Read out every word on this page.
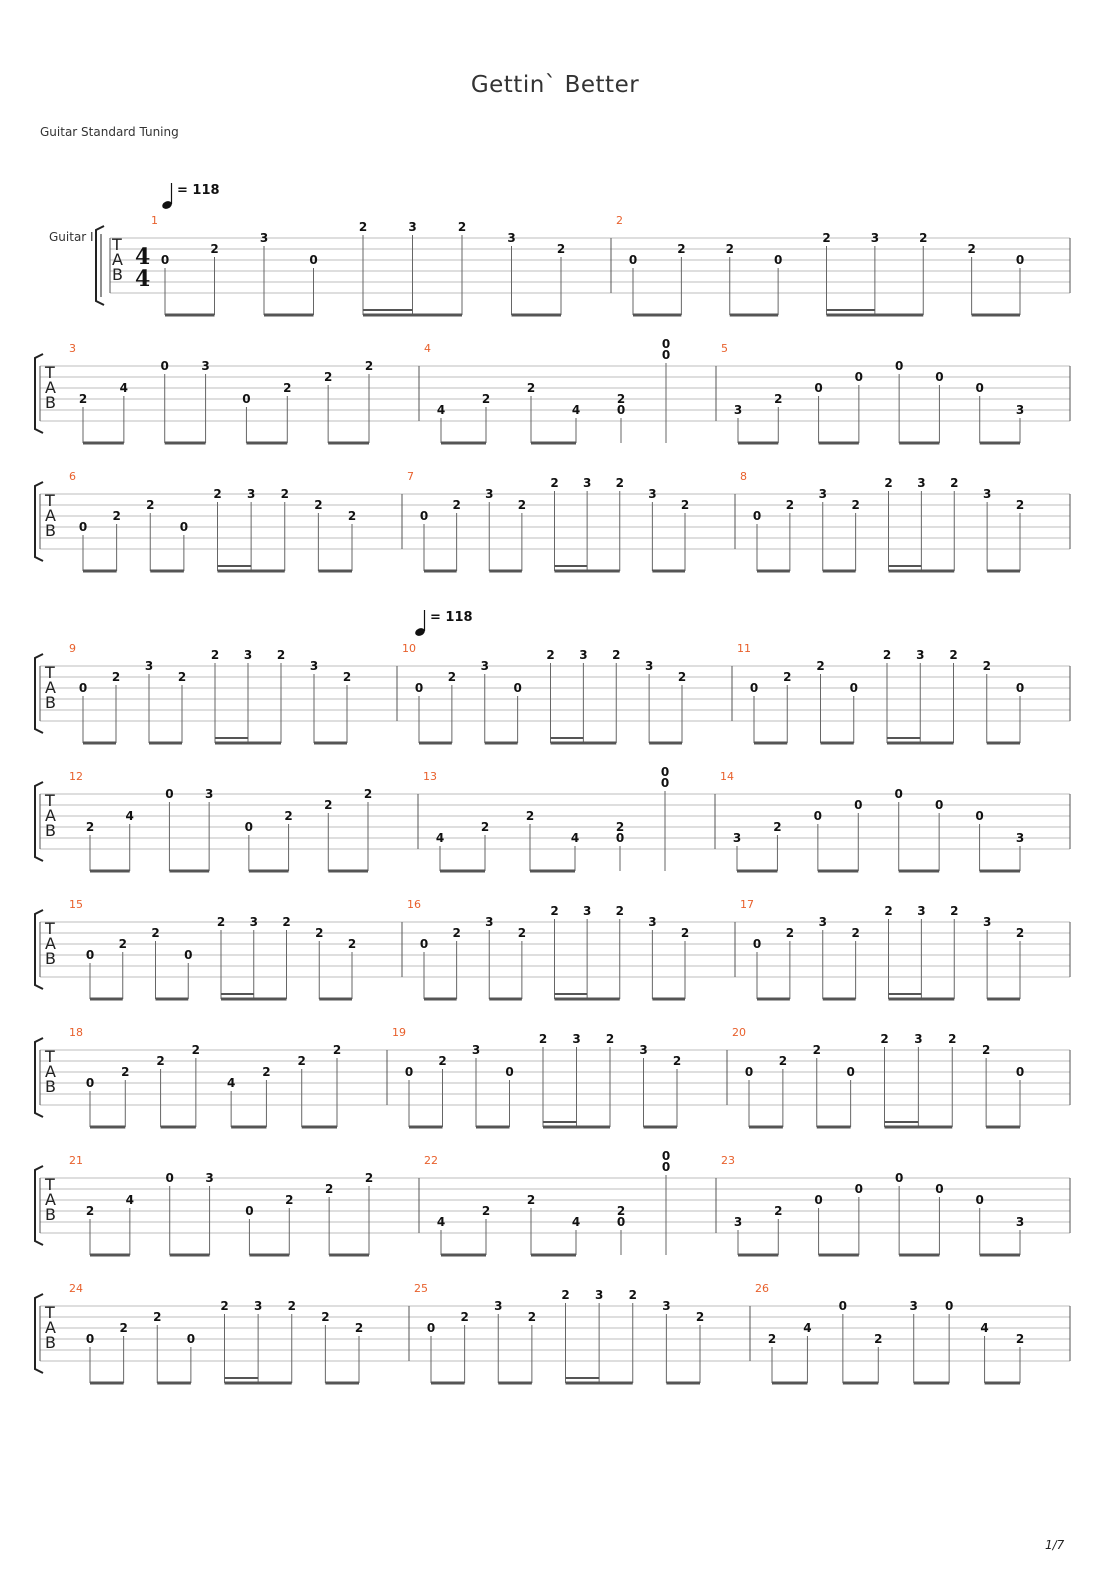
Gettin` Better
Guitar Standard Tuning
T
A
B
4
4
Guitar I
1
0
2
3
0
2	3	2
3
2
2
0
2	2
0
2	3	2
2
0
T
A
B
3
2
4
0	3
0
2
2
2
4
4
2
2
4
2
0
0
0	5
3
2
0
0
0
0
0
3
T
A
B
6
0
2
2
0
2 3 2
2
2
7
0
2
3
2
2 3 2
3
2
8
0
2
3
2
2 3 2
3
2
T
A
B
9
0
2
3
2
2 3 2
3
2
10
0
2
3
0
2 3 2
3
2
11
0
2
2
0
2 3 2
2
0
T
A
B
12
2
4
0	3
0
2
2
2
13
4
2
2
4
2
0
0
0	14
3
2
0
0
0
0
0
3
T
A
B
15
0
2
2
0
2 3 2
2
2
16
0
2
3
2
2 3 2
3
2
17
0
2
3
2
2 3 2
3
2
T
A
B
18
0
2
2
2
4
2
2
2
19
0
2
3
0
2 3 2
3
2
20
0
2
2
0
2 3 2
2
0
T
A
B
21
2
4
0	3
0
2
2
2
22
4
2
2
4
2
0
0
0	23
3
2
0
0
0
0
0
3
T
A
B
24
0
2
2
0
2 3 2
2
2
25
0
2
3
2
2 3 2
3
2
26
2
4
0
2
3 0
4
2
= 118
= 118
1/7
